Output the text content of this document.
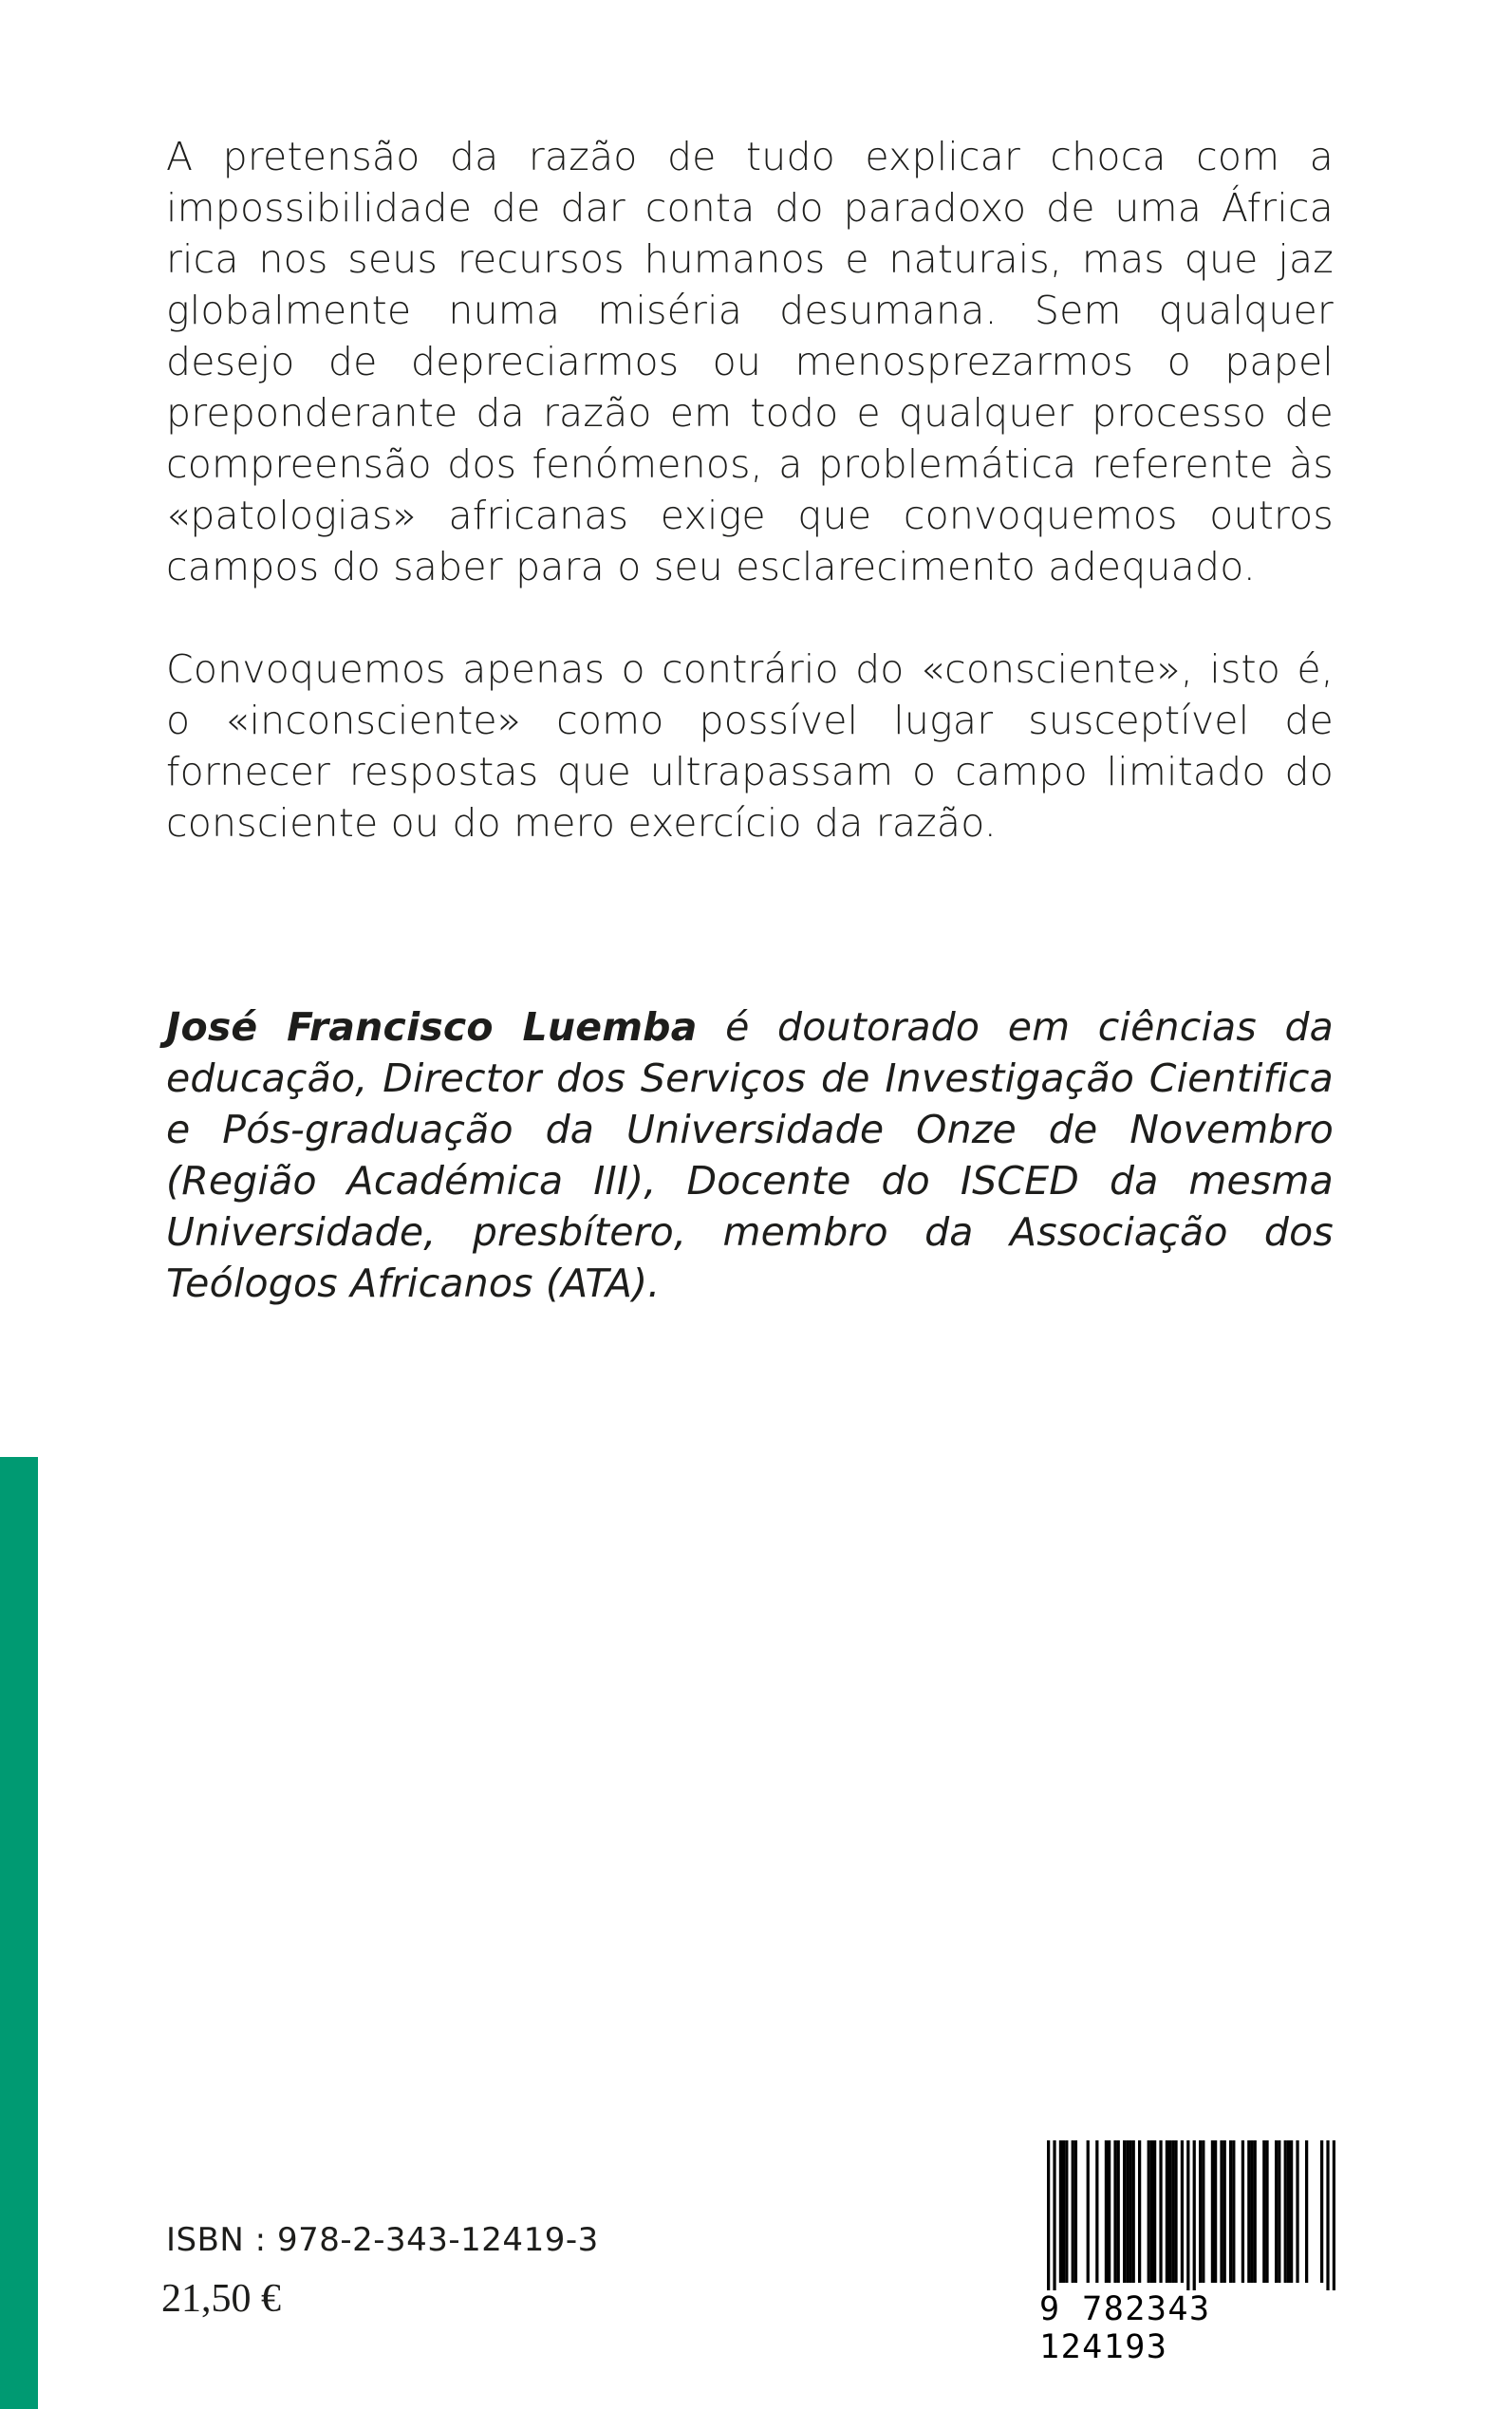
A pretensão da razão de tudo explicar choca com a impossibilidade de dar conta do paradoxo de uma África rica nos seus recursos humanos e naturais, mas que jaz globalmente numa miséria desumana. Sem qualquer desejo de depreciarmos ou menosprezarmos o papel preponderante da razão em todo e qualquer processo de compreensão dos fenómenos, a problemática referente às «patologias» africanas exige que convoquemos outros campos do saber para o seu esclarecimento adequado.

Convoquemos apenas o contrário do «consciente», isto é, o «inconsciente» como possível lugar susceptível de fornecer respostas que ultrapassam o campo limitado do consciente ou do mero exercício da razão.

José Francisco Luemba é doutorado em ciências da educação, Director dos Serviços de Investigação Cientifica e Pós-graduação da Universidade Onze de Novembro (Região Académica III), Docente do ISCED da mesma Universidade, presbítero, membro da Associação dos Teólogos Africanos (ATA).

ISBN : 978-2-343-12419-3
21,50 €	9 782343 124193
